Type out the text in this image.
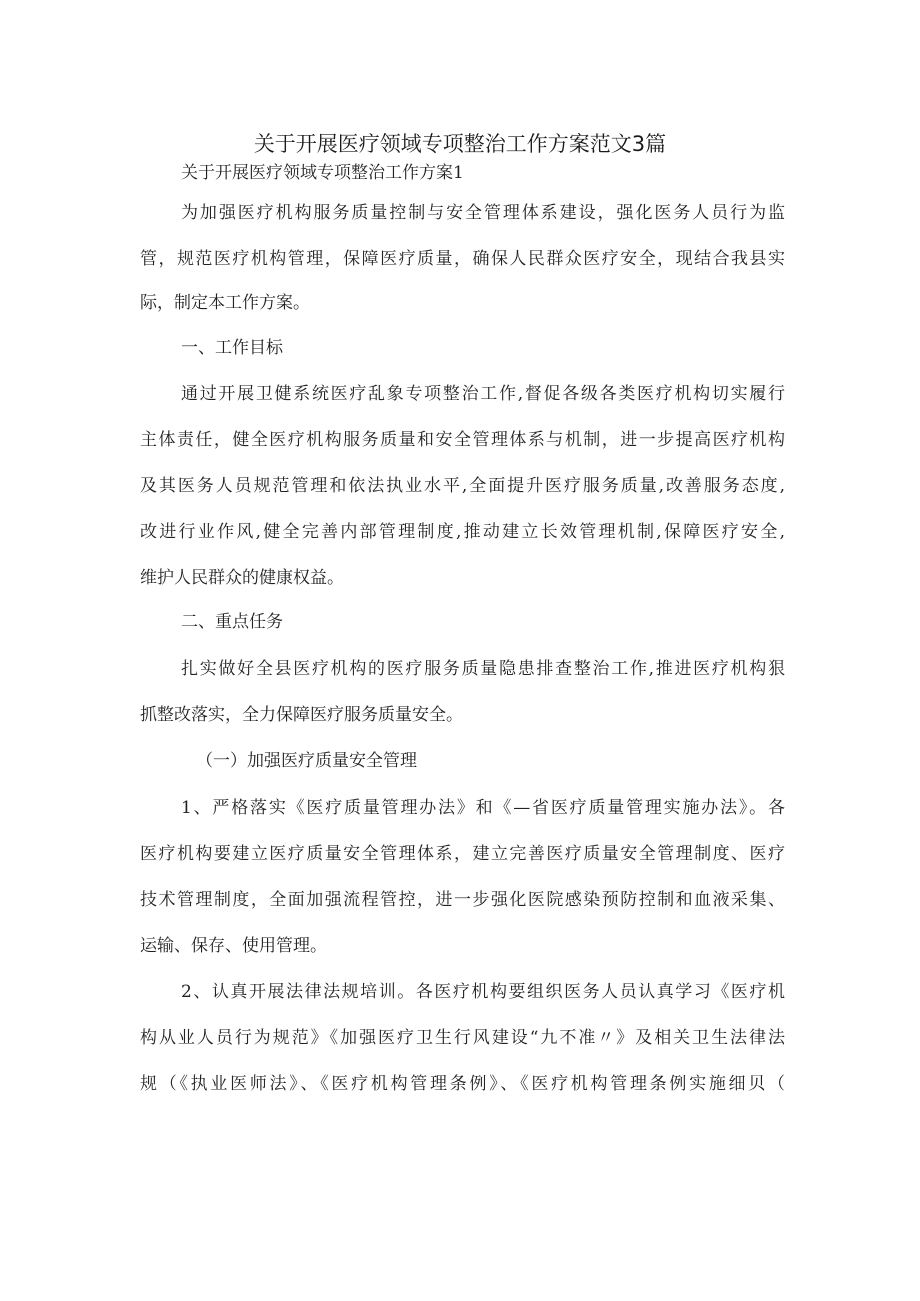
关于开展医疗领域专项整治工作方案范文3篇
关于开展医疗领域专项整治工作方案1
为加强医疗机构服务质量控制与安全管理体系建设，强化医务人员行为监
管，规范医疗机构管理，保障医疗质量，确保人民群众医疗安全，现结合我县实
际，制定本工作方案。
一、工作目标
通过开展卫健系统医疗乱象专项整治工作,督促各级各类医疗机构切实履行
主体责任，健全医疗机构服务质量和安全管理体系与机制，进一步提高医疗机构
及其医务人员规范管理和依法执业水平,全面提升医疗服务质量,改善服务态度,
改进行业作风,健全完善内部管理制度,推动建立长效管理机制,保障医疗安全,
维护人民群众的健康权益。
二、重点任务
扎实做好全县医疗机构的医疗服务质量隐患排查整治工作,推进医疗机构狠
抓整改落实，全力保障医疗服务质量安全。
（一）加强医疗质量安全管理
1、严格落实《医疗质量管理办法》和《—省医疗质量管理实施办法》。各
医疗机构要建立医疗质量安全管理体系，建立完善医疗质量安全管理制度、医疗
技术管理制度，全面加强流程管控，进一步强化医院感染预防控制和血液采集、
运输、保存、使用管理。
2、认真开展法律法规培训。各医疗机构要组织医务人员认真学习《医疗机
构从业人员行为规范》《加强医疗卫生行风建设“九不准〃》及相关卫生法律法
规（《执业医师法》、《医疗机构管理条例》、《医疗机构管理条例实施细贝（
